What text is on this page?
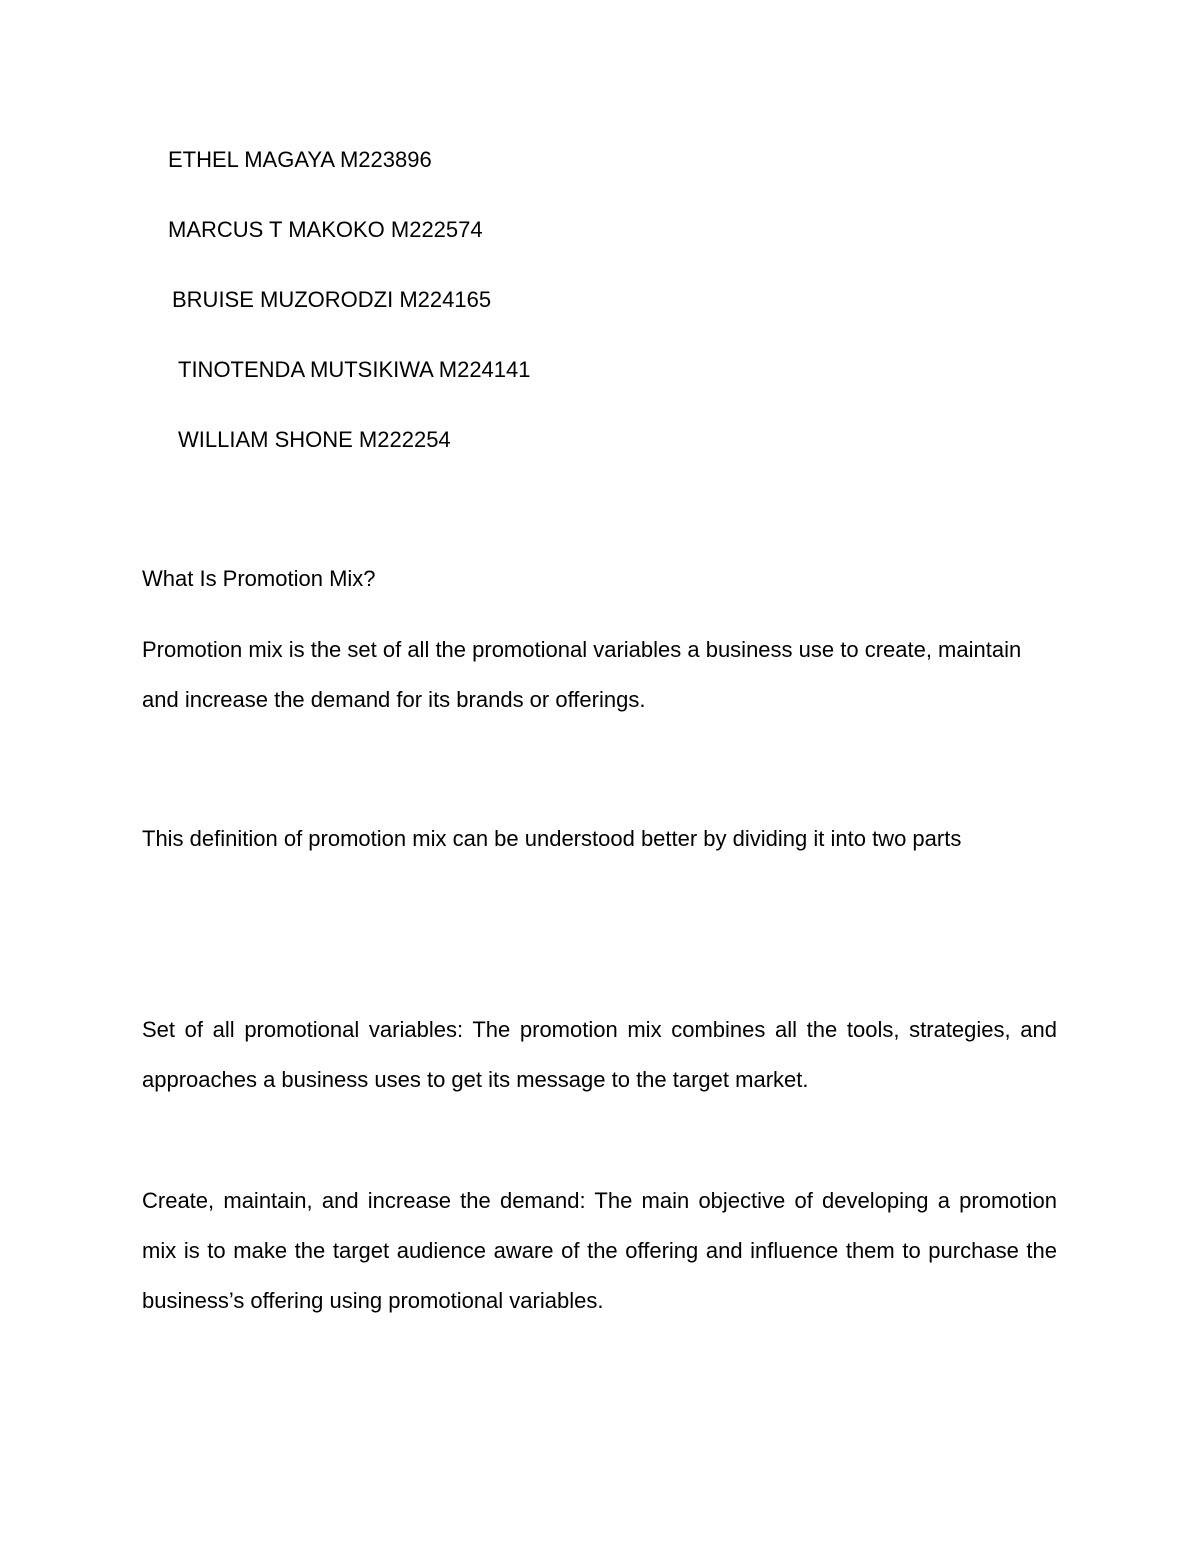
ETHEL MAGAYA M223896
MARCUS T MAKOKO M222574
BRUISE MUZORODZI M224165
TINOTENDA MUTSIKIWA M224141
WILLIAM SHONE M222254
What Is Promotion Mix?

Promotion mix is the set of all the promotional variables a business use to create, maintain and increase the demand for its brands or offerings.

This definition of promotion mix can be understood better by dividing it into two parts

Set of all promotional variables: The promotion mix combines all the tools, strategies, and approaches a business uses to get its message to the target market.

Create, maintain, and increase the demand: The main objective of developing a promotion mix is to make the target audience aware of the offering and influence them to purchase the business’s offering using promotional variables.
